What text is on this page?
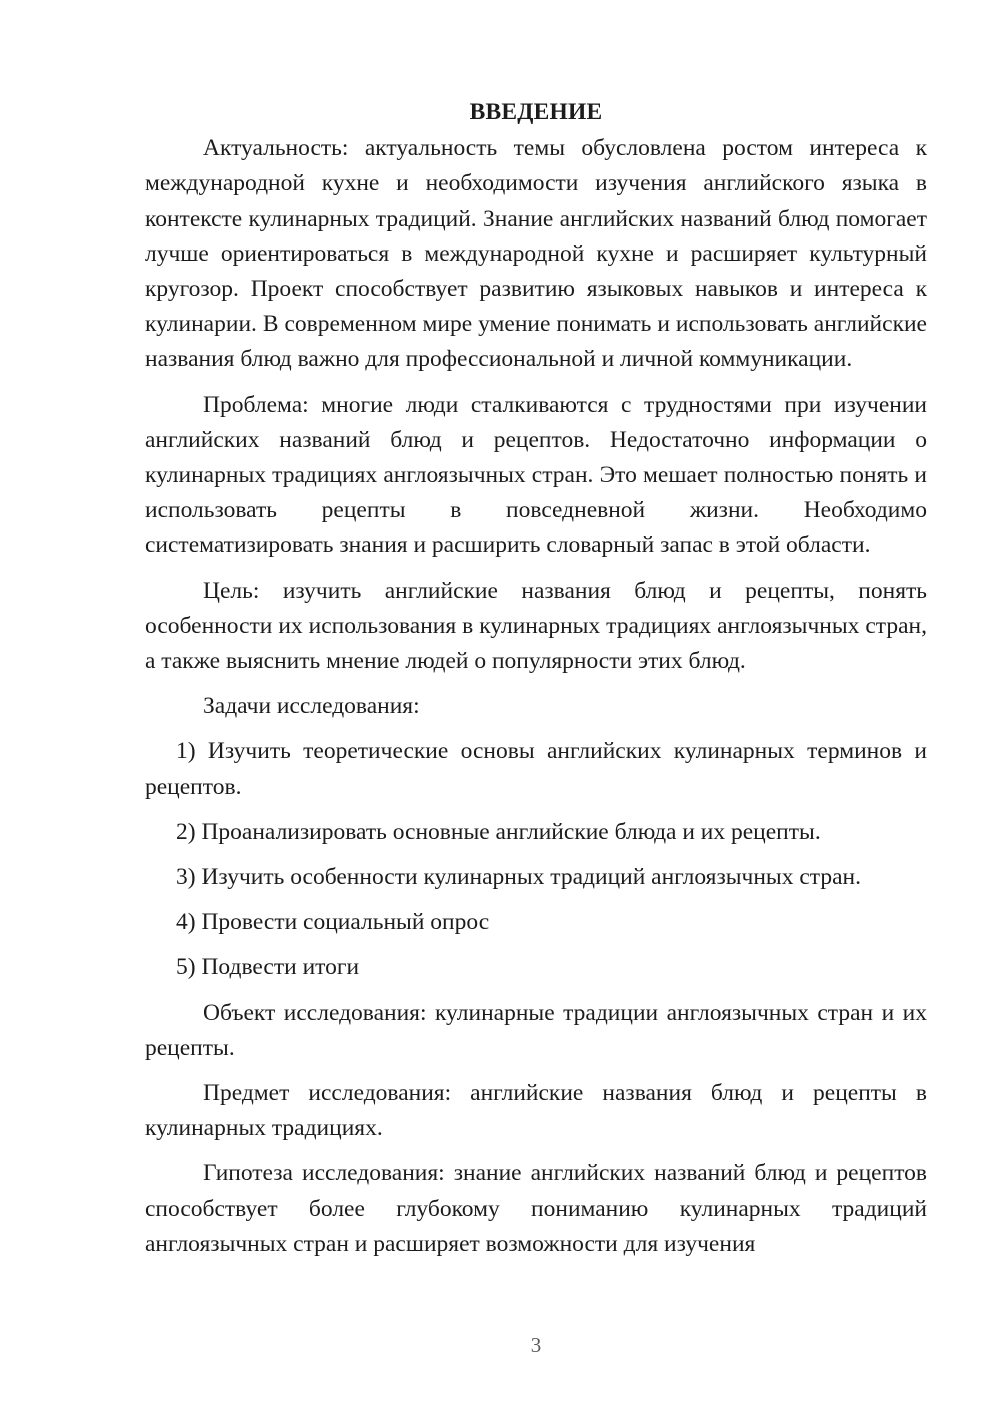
ВВЕДЕНИЕ

Актуальность: актуальность темы обусловлена ростом интереса к международной кухне и необходимости изучения английского языка в контексте кулинарных традиций. Знание английских названий блюд помогает лучше ориентироваться в международной кухне и расширяет культурный кругозор. Проект способствует развитию языковых навыков и интереса к кулинарии. В современном мире умение понимать и использовать английские названия блюд важно для профессиональной и личной коммуникации.

Проблема: многие люди сталкиваются с трудностями при изучении английских названий блюд и рецептов. Недостаточно информации о кулинарных традициях англоязычных стран. Это мешает полностью понять и использовать рецепты в повседневной жизни. Необходимо систематизировать знания и расширить словарный запас в этой области.

Цель: изучить английские названия блюд и рецепты, понять особенности их использования в кулинарных традициях англоязычных стран, а также выяснить мнение людей о популярности этих блюд.

Задачи исследования:

1) Изучить теоретические основы английских кулинарных терминов и рецептов.

2) Проанализировать основные английские блюда и их рецепты.

3) Изучить особенности кулинарных традиций англоязычных стран.

4) Провести социальный опрос

5) Подвести итоги

Объект исследования: кулинарные традиции англоязычных стран и их рецепты.

Предмет исследования: английские названия блюд и рецепты в кулинарных традициях.

Гипотеза исследования: знание английских названий блюд и рецептов способствует более глубокому пониманию кулинарных традиций англоязычных стран и расширяет возможности для изучения

3
